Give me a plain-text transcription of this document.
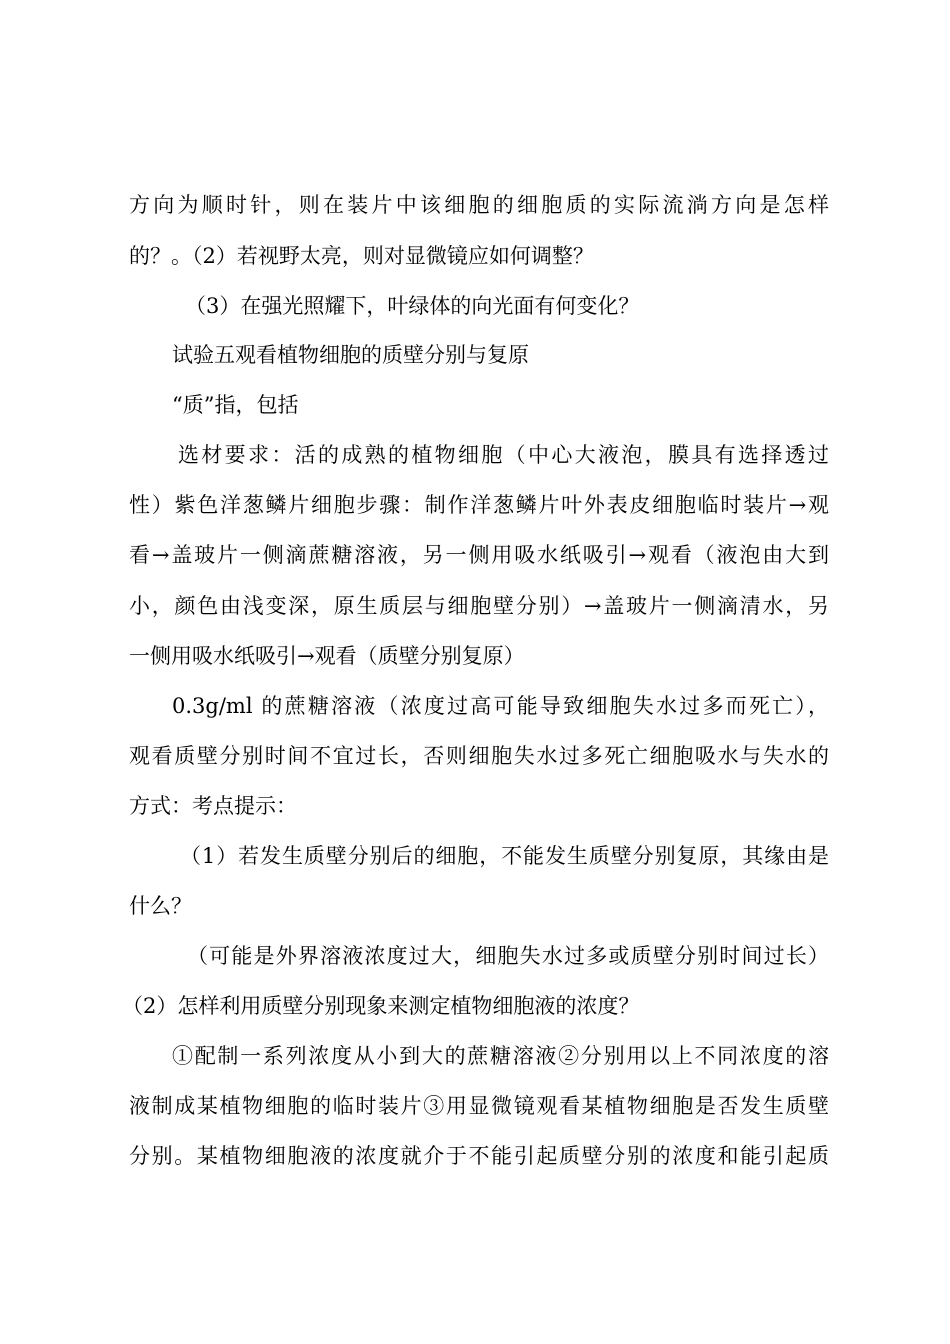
方向为顺时针，则在装片中该细胞的细胞质的实际流淌方向是怎样
的？。（2）若视野太亮，则对显微镜应如何调整？
（3）在强光照耀下，叶绿体的向光面有何变化？
试验五观看植物细胞的质壁分别与复原
“质”指，包括
选材要求：活的成熟的植物细胞（中心大液泡，膜具有选择透过
性）紫色洋葱鳞片细胞步骤：制作洋葱鳞片叶外表皮细胞临时装片→观
看→盖玻片一侧滴蔗糖溶液，另一侧用吸水纸吸引→观看（液泡由大到
小，颜色由浅变深，原生质层与细胞壁分别）→盖玻片一侧滴清水，另
一侧用吸水纸吸引→观看（质壁分别复原）
0.3g/ml 的蔗糖溶液（浓度过高可能导致细胞失水过多而死亡），
观看质壁分别时间不宜过长，否则细胞失水过多死亡细胞吸水与失水的
方式：考点提示：
（1）若发生质壁分别后的细胞，不能发生质壁分别复原，其缘由是
什么？
（可能是外界溶液浓度过大，细胞失水过多或质壁分别时间过长）
（2）怎样利用质壁分别现象来测定植物细胞液的浓度？
①配制一系列浓度从小到大的蔗糖溶液②分别用以上不同浓度的溶
液制成某植物细胞的临时装片③用显微镜观看某植物细胞是否发生质壁
分别。某植物细胞液的浓度就介于不能引起质壁分别的浓度和能引起质
